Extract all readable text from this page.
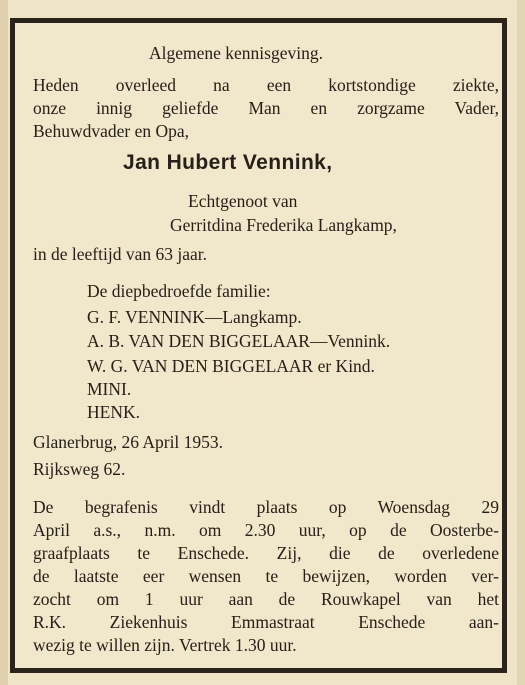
Algemene kennisgeving.
Heden overleed na een kortstondige ziekte,
onze innig geliefde Man en zorgzame Vader,
Behuwdvader en Opa,
Jan Hubert Vennink,
Echtgenoot van
Gerritdina Frederika Langkamp,
in de leeftijd van 63 jaar.
De diepbedroefde familie:
G. F. VENNINK—Langkamp.
A. B. VAN DEN BIGGELAAR—Vennink.
W. G. VAN DEN BIGGELAAR er Kind.
MINI.
HENK.
Glanerbrug, 26 April 1953.
Rijksweg 62.
De begrafenis vindt plaats op Woensdag 29
April a.s., n.m. om 2.30 uur, op de Oosterbe-
graafplaats te Enschede. Zij, die de overledene
de laatste eer wensen te bewijzen, worden ver-
zocht om 1 uur aan de Rouwkapel van het
R.K. Ziekenhuis Emmastraat Enschede aan-
wezig te willen zijn. Vertrek 1.30 uur.
